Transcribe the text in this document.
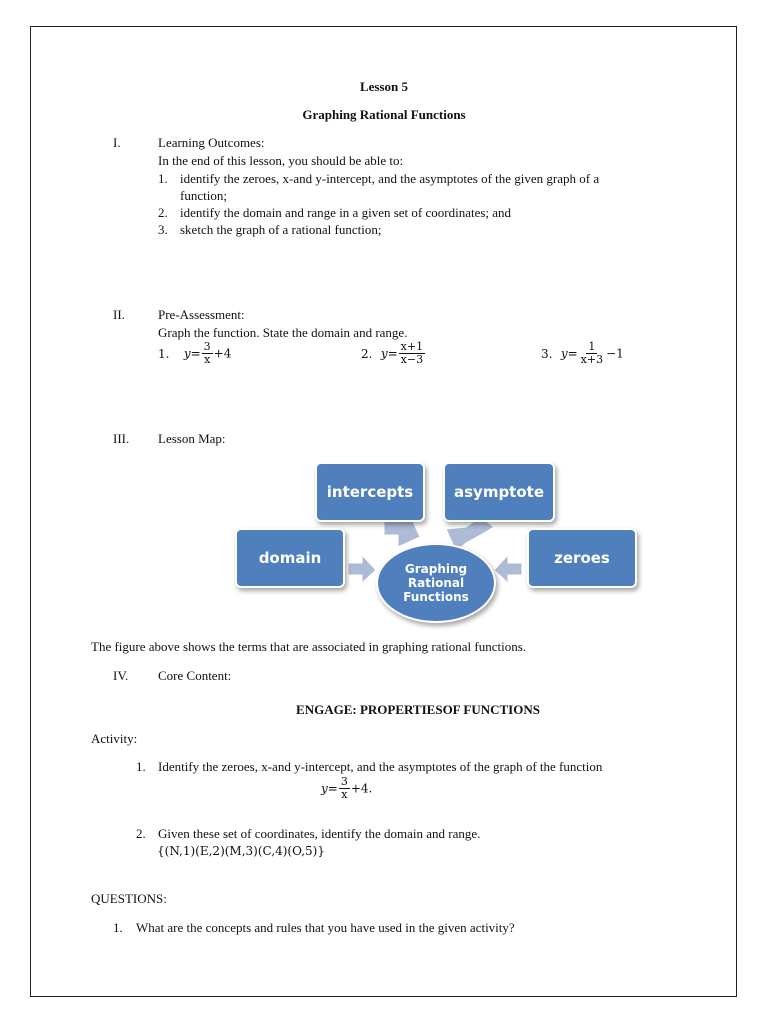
Lesson 5
Graphing Rational Functions
I.	Learning Outcomes:
In the end of this lesson, you should be able to:
1. identify the zeroes, x-and y-intercept, and the asymptotes of the given graph of a
function;
2. identify the domain and range in a given set of coordinates; and
3. sketch the graph of a rational function;
II.	Pre-Assessment:
Graph the function. State the domain and range.
1. $y= \frac{3}{x} +4$	2. $y= \frac{x+1}{x-3}$	3. $y= \frac{1}{x+3} -1$
III. Lesson Map:
intercepts	asymptote
domain	zeroes
Graphing Rational Functions
The figure above shows the terms that are associated in graphing rational functions.
IV. Core Content:
ENGAGE: PROPERTIESOF FUNCTIONS
Activity:
1. Identify the zeroes, x-and y-intercept, and the asymptotes of the graph of the function
$y= \frac{3}{x} +4$.
2. Given these set of coordinates, identify the domain and range.
{(N,1)(E,2)(M,3)(C,4)(O,5)}
QUESTIONS:
1. What are the concepts and rules that you have used in the given activity?
